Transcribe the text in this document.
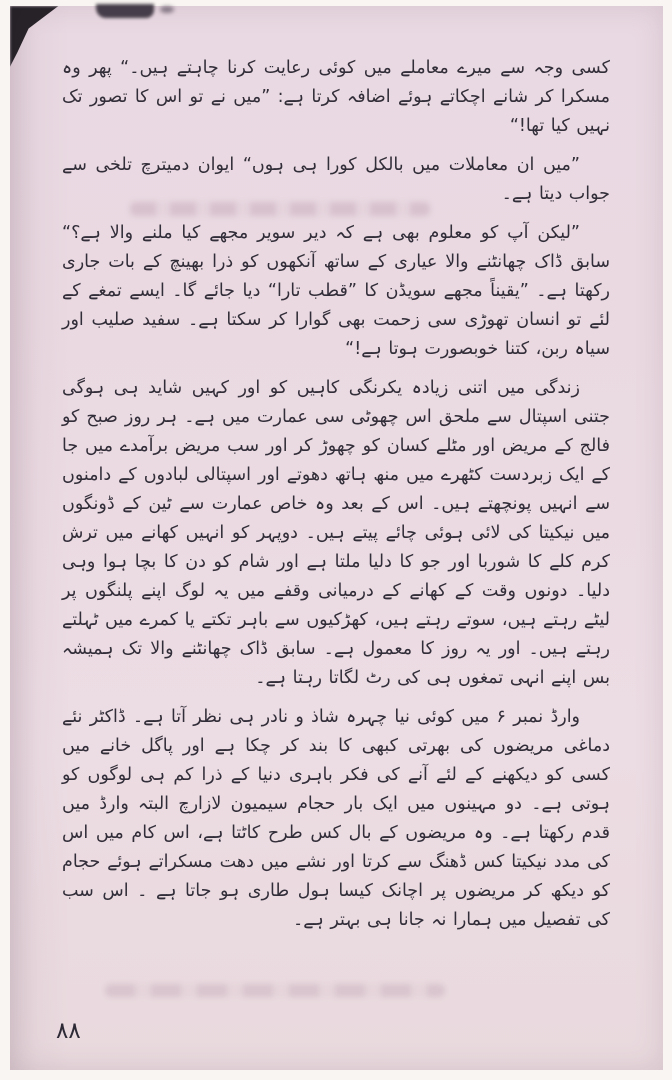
کسی وجہ سے میرے معاملے میں کوئی رعایت کرنا چاہتے ہیں۔“ پھر وہ مسکرا کر شانے اچکاتے ہوئے اضافہ کرتا ہے: ”میں نے تو اس کا تصور تک نہیں کیا تھا!“

”میں ان معاملات میں بالکل کورا ہی ہوں“ ایوان دمیترچ تلخی سے جواب دیتا ہے۔

”لیکن آپ کو معلوم بھی ہے کہ دیر سویر مجھے کیا ملنے والا ہے؟“ سابق ڈاک چھانٹنے والا عیاری کے ساتھ آنکھوں کو ذرا بھینچ کے بات جاری رکھتا ہے۔ ”یقیناً مجھے سویڈن کا ”قطب تارا“ دیا جائے گا۔ ایسے تمغے کے لئے تو انسان تھوڑی سی زحمت بھی گوارا کر سکتا ہے۔ سفید صلیب اور سیاہ ربن، کتنا خوبصورت ہوتا ہے!“

زندگی میں اتنی زیادہ یکرنگی کاہیں کو اور کہیں شاید ہی ہوگی جتنی اسپتال سے ملحق اس چھوٹی سی عمارت میں ہے۔ ہر روز صبح کو فالج کے مریض اور مٹلے کسان کو چھوڑ کر اور سب مریض برآمدے میں جا کے ایک زبردست کٹھرے میں منھ ہاتھ دھوتے اور اسپتالی لبادوں کے دامنوں سے انہیں پونچھتے ہیں۔ اس کے بعد وہ خاص عمارت سے ٹین کے ڈونگوں میں نیکیتا کی لائی ہوئی چائے پیتے ہیں۔ دوپہر کو انہیں کھانے میں ترش کرم کلے کا شوربا اور جو کا دلیا ملتا ہے اور شام کو دن کا بچا ہوا وہی دلیا۔ دونوں وقت کے کھانے کے درمیانی وقفے میں یہ لوگ اپنے پلنگوں پر لیٹے رہتے ہیں، سوتے رہتے ہیں، کھڑکیوں سے باہر تکتے یا کمرے میں ٹہلتے رہتے ہیں۔ اور یہ روز کا معمول ہے۔ سابق ڈاک چھانٹنے والا تک ہمیشہ بس اپنے انہی تمغوں ہی کی رٹ لگاتا رہتا ہے۔

وارڈ نمبر ۶ میں کوئی نیا چہرہ شاذ و نادر ہی نظر آتا ہے۔ ڈاکٹر نئے دماغی مریضوں کی بھرتی کبھی کا بند کر چکا ہے اور پاگل خانے میں کسی کو دیکھنے کے لئے آنے کی فکر باہری دنیا کے ذرا کم ہی لوگوں کو ہوتی ہے۔ دو مہینوں میں ایک بار حجام سیمیون لازارچ البتہ وارڈ میں قدم رکھتا ہے۔ وہ مریضوں کے بال کس طرح کاٹتا ہے، اس کام میں اس کی مدد نیکیتا کس ڈھنگ سے کرتا اور نشے میں دھت مسکراتے ہوئے حجام کو دیکھ کر مریضوں پر اچانک کیسا ہول طاری ہو جاتا ہے ۔ اس سب کی تفصیل میں ہمارا نہ جانا ہی بہتر ہے۔

۸۸
